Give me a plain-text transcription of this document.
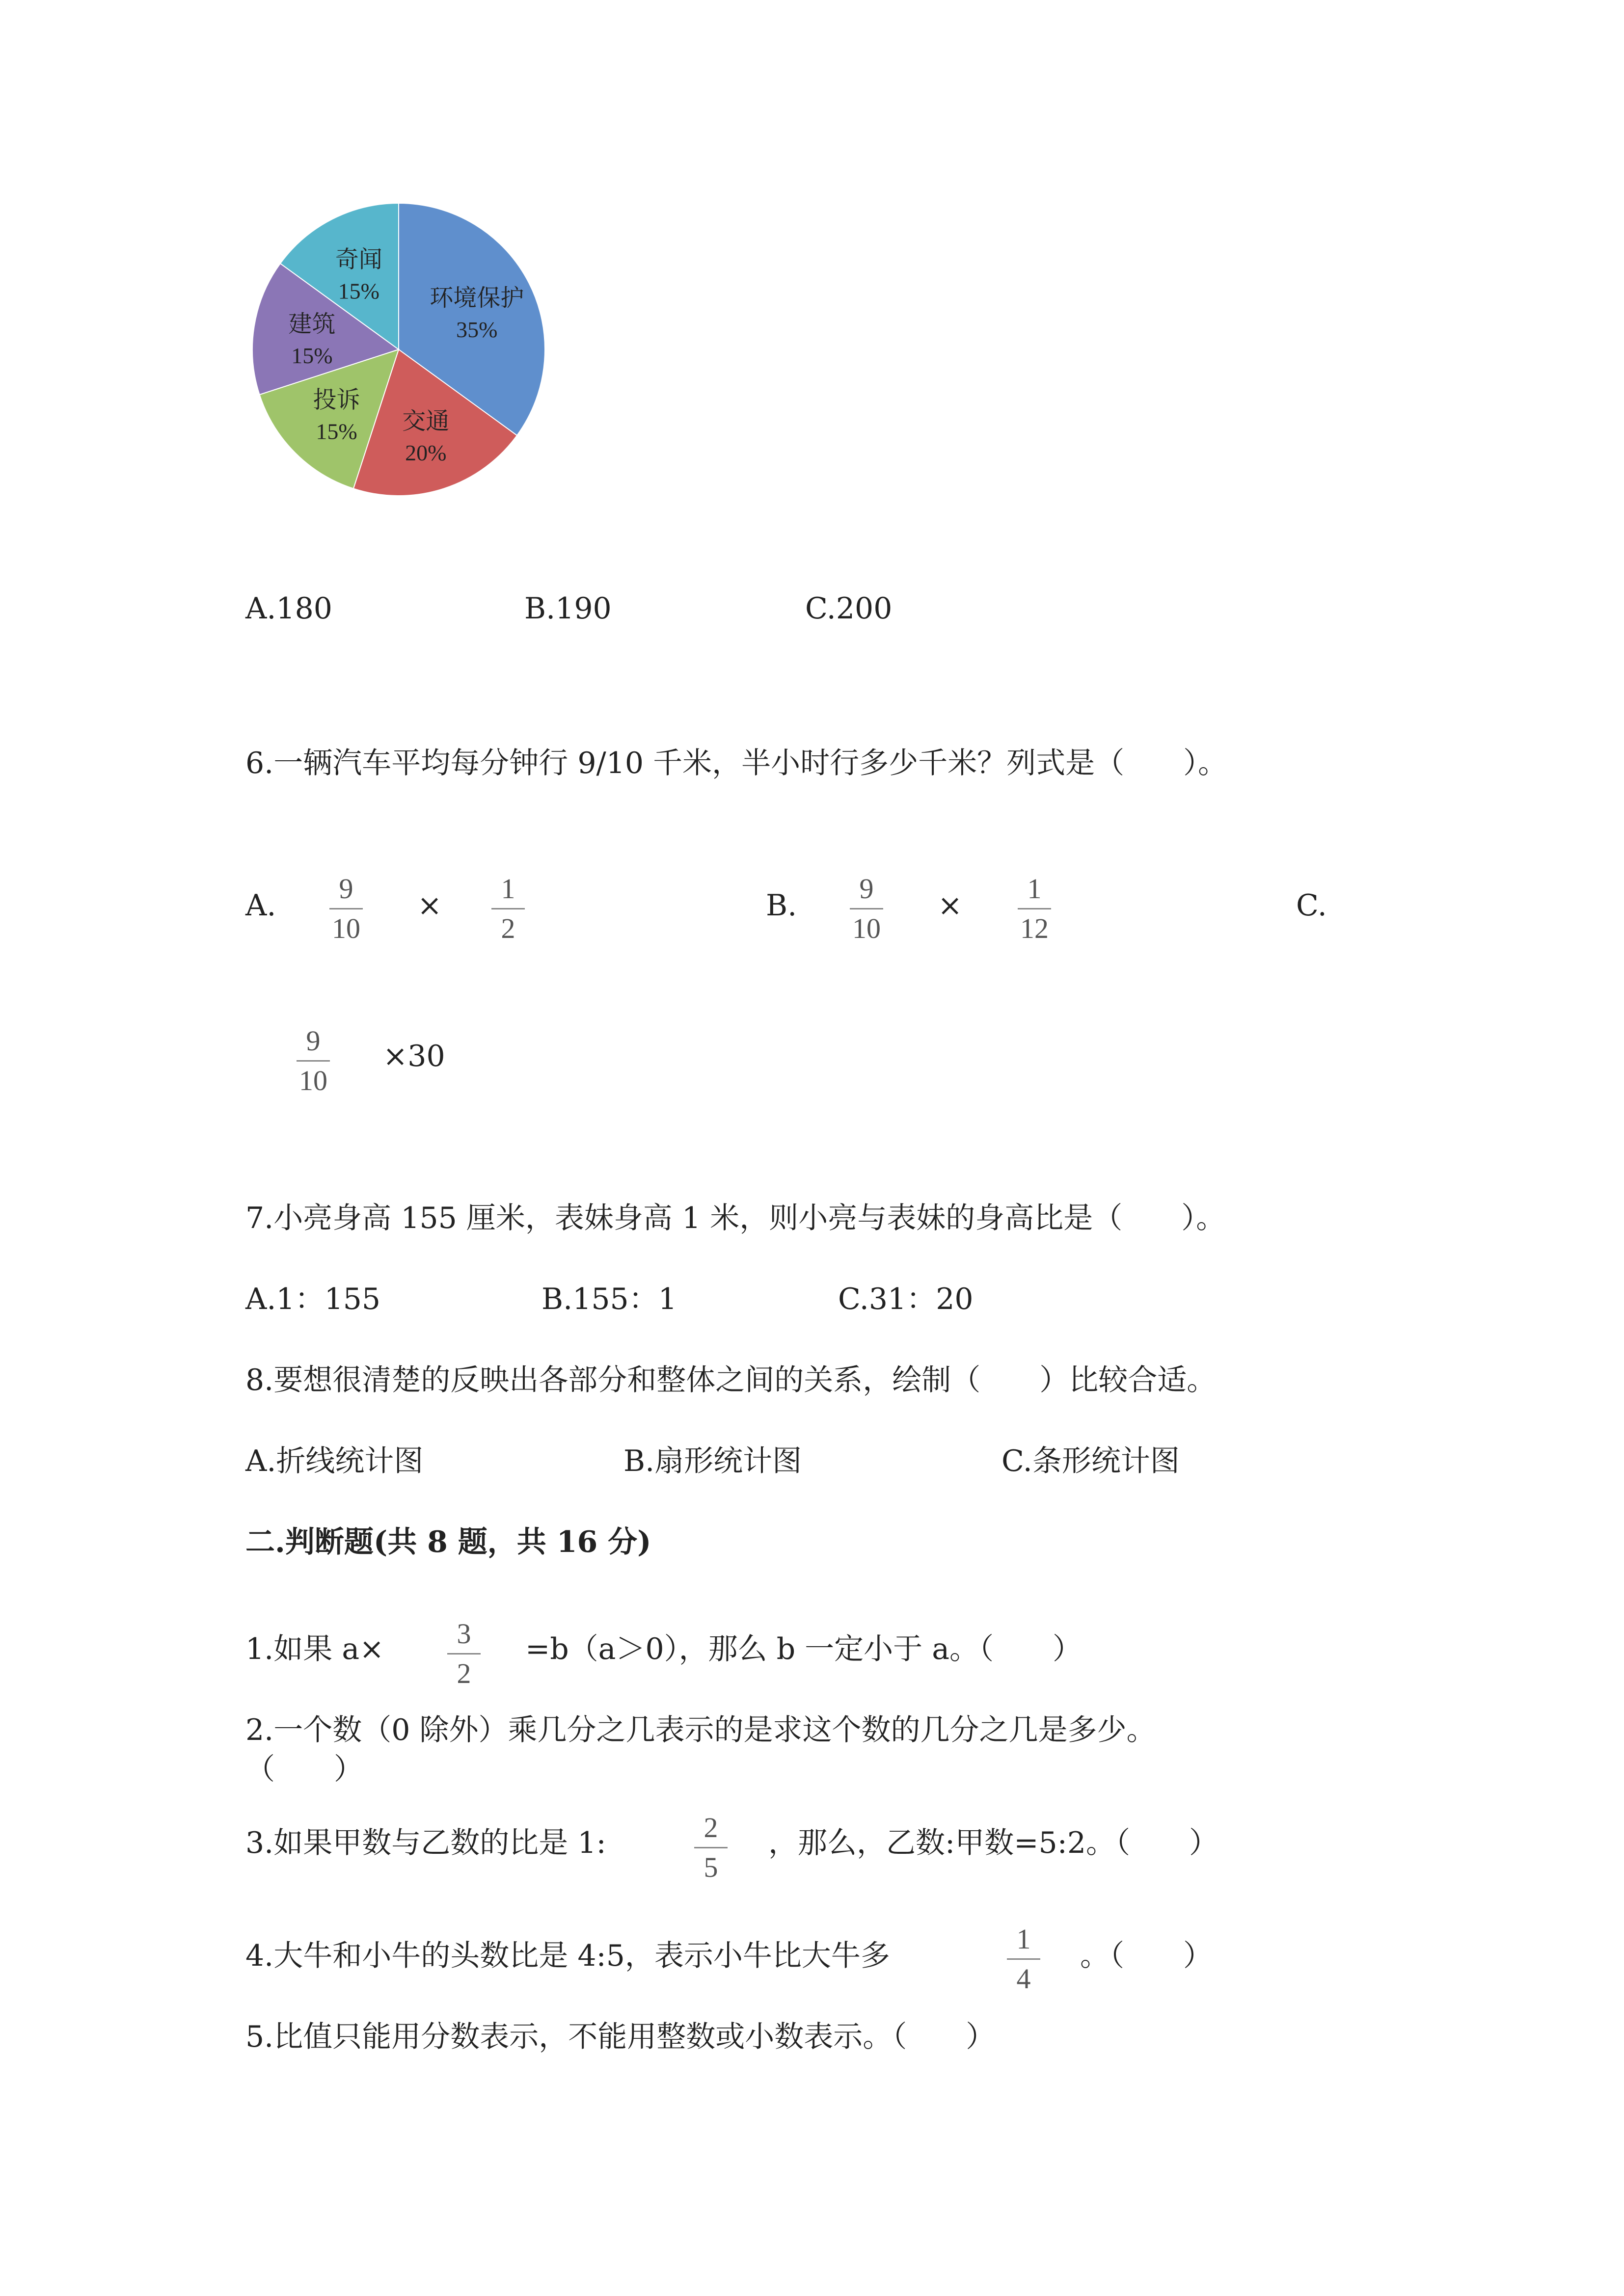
环境保护
35%
交通
20%
投诉
15%
建筑
15%
奇闻
15%
A.180	B.190	C.200
6.一辆汽车平均每分钟行 9/10 千米，半小时行多少千米？列式是（　　）。
A.	9
10
×	1
2
B.	9
10
×	1
12
C.
9
10
×30
7.小亮身高 155 厘米，表妹身高 1 米，则小亮与表妹的身高比是（　　）。
A.1：155	B.155：1	C.31：20
8.要想很清楚的反映出各部分和整体之间的关系，绘制（　　）比较合适。
A.折线统计图	B.扇形统计图	C.条形统计图
二.判断题(共 8 题，共 16 分)
1.如果 a×	3
2
=b（a＞0），那么 b 一定小于 a。（　　）
2.一个数（0 除外）乘几分之几表示的是求这个数的几分之几是多少。
（　　）
3.如果甲数与乙数的比是 1:	2
5
，那么，乙数:甲数=5:2。（　　）
4.大牛和小牛的头数比是 4:5，表示小牛比大牛多	1
4
。（　　）
5.比值只能用分数表示，不能用整数或小数表示。（　　）
